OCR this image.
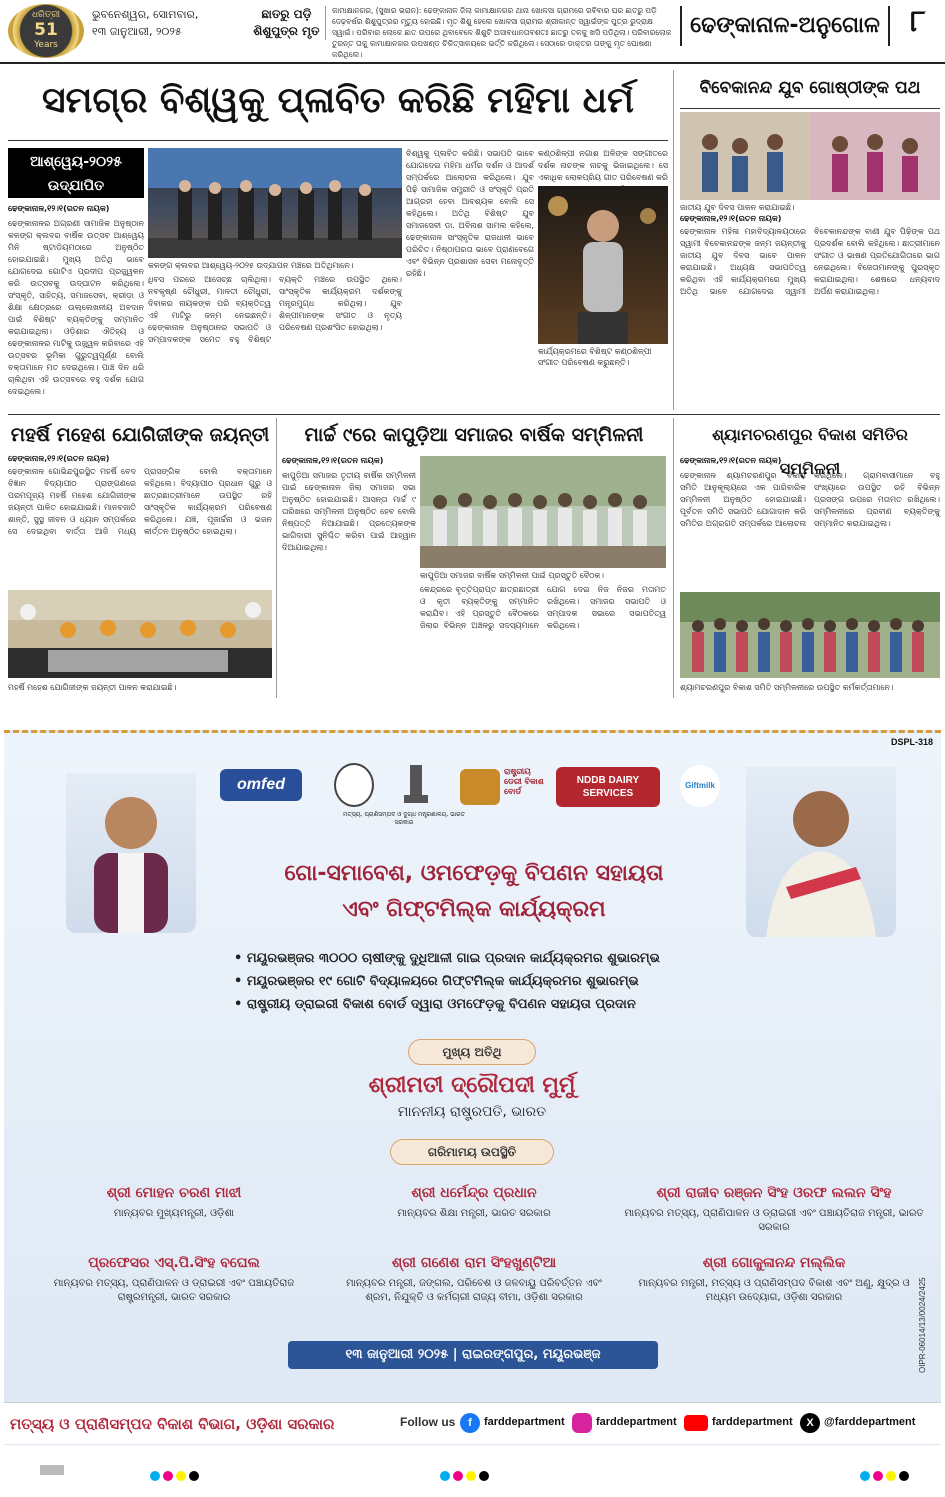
ଧରିତ୍ରୀ
51
Years
ଭୁବନେଶ୍ୱର, ସୋମବାର,
୧୩ ଜାନୁଆରୀ, ୨୦୨୫
ଛାତରୁ ପଡ଼ି
ଶିଶୁପୁତ୍ର ମୃତ
କାମାକ୍ଷାନଗର, (ସୁଖାର ଭରାନ): ଢେଙ୍କାନାଳ ଜିଲା କାମାକ୍ଷାନଗର ଥାନା ଖୋଳସା ଗ୍ରାମରେ ରବିବାର ଘର ଛାତରୁ ପଡ଼ି ଦେଢ଼ବର୍ଷର ଶିଶୁପୁତ୍ରର ମୃତ୍ୟୁ ହୋଇଛି। ମୃତ ଶିଶୁ ହେଲେ ଖୋଳସା ଗ୍ରାମର ଶ୍ରୀକାନ୍ତ ସ୍ୱାଇଁଙ୍କ ପୁତ୍ର ରୁଦ୍ରାକ୍ଷ ସ୍ୱାଇଁ। ପରିବାର ଲୋକେ ଛାତ ଉପରେ ଥିବାବେଳେ ଶିଶୁଟି ଅସାବଧାନତାବଶତଃ ଛାତରୁ ତଳକୁ ଖସି ପଡ଼ିଥିଲା। ପରିବାରଲୋକ ତୁରନ୍ତ ତାକୁ କାମାକ୍ଷାନଗର ଉପଖଣ୍ଡ ଚିକିତ୍ସାଳୟରେ ଭର୍ତ୍ତି କରିଥିଲେ। ସେଠାରେ ଡାକ୍ତର ତାଙ୍କୁ ମୃତ ଘୋଷଣା କରିଥିଲେ।
ଢେଙ୍କାନାଳ-ଅନୁଗୋଳ	୮
ସମଗ୍ର ବିଶ୍ୱକୁ ପ୍ଳାବିତ କରିଛି ମହିମା ଧର୍ମ
ଆଶ୍ୱେୟ-୨୦୨୫
ଉଦ୍‌ଯାପିତ
ଢେଙ୍କାନାଳ,୧୨।୧(ରତନ ନାୟକ)
ଢେଙ୍କାନାଳର ଅଗ୍ରଣୀ ସାମାଜିକ ଅନୁଷ୍ଠାନ କଳଙ୍ଗ କ୍ଲବର ବାର୍ଷିକ ଉତ୍ସବ ଆଶ୍ୱେୟ ମିନି ଷ୍ଟାଡିୟମଠାରେ ଅନୁଷ୍ଠିତ ହୋଇଯାଇଛି। ମୁଖ୍ୟ ଅତିଥି ଭାବେ ଯୋଗଦେଇ ଗୋଟିଏ ପ୍ରଦୀପ ପ୍ରଜ୍ଜ୍ୱଳନ କରି ଉତ୍ସବକୁ ଉଦ୍‌ଘାଟନ କରିଥିଲେ। ସଂସ୍କୃତି, ସାହିତ୍ୟ, ସମାଜସେବା, କ୍ରୀଡ଼ା ଓ ଶିକ୍ଷା କ୍ଷେତ୍ରରେ ଉଲ୍ଲେଖନୀୟ ଅବଦାନ ପାଇଁ ବିଶିଷ୍ଟ ବ୍ୟକ୍ତିଙ୍କୁ ସମ୍ମାନିତ କରାଯାଇଥିଲା। ଓଡ଼ିଶାର ଐତିହ୍ୟ ଓ ଢେଙ୍କାନାଳର ମାଟିକୁ ଉଜ୍ଜ୍ୱଳ କରିବାରେ ଏହି ଉତ୍ସବର ଭୂମିକା ଗୁରୁତ୍ୱପୂର୍ଣ୍ଣ ବୋଲି ବକ୍ତାମାନେ ମତ ଦେଇଥିଲେ। ପାଞ୍ଚ ଦିନ ଧରି ଚାଲିଥିବା ଏହି ଉତ୍ସବରେ ବହୁ ଦର୍ଶକ ଯୋଗ ଦେଇଥିଲେ।
କଳଙ୍ଗ କ୍ଲବର ଆଶ୍ୱେୟ-୨୦୨୫ ଉଦ୍‌ଯାପନ ମଞ୍ଚରେ ଅତିଥିମାନେ।
ଧିବସ ପରରେ ଆସେଚ୍ଛ ଚାଲିଥିଲା। ନବକୃଷ୍ଣ ଚୌଧୁରୀ, ମାଳତୀ ଚୌଧୁରୀ, ଦିବାକର ନାୟକଙ୍କ ପରି ବ୍ୟକ୍ତିତ୍ୱ ଏହି ମାଟିରୁ ଜନ୍ମ ନେଇଛନ୍ତି। ଢେଙ୍କାନାଳ ଅନୁଷ୍ଠାନର ସଭାପତି ଓ ସମ୍ପାଦକଙ୍କ ସମେତ ବହୁ ବିଶିଷ୍ଟ ବ୍ୟକ୍ତି ମଞ୍ଚରେ ଉପସ୍ଥିତ ଥିଲେ। ସାଂସ୍କୃତିକ କାର୍ଯ୍ୟକ୍ରମ ଦର୍ଶକଙ୍କୁ ମନ୍ତ୍ରମୁଗ୍ଧ କରିଥିଲା। ଯୁବ ଶିଳ୍ପୀମାନଙ୍କ ସଂଗୀତ ଓ ନୃତ୍ୟ ପରିବେଷଣ ପ୍ରଶଂସିତ ହୋଇଥିଲା।
ବିଶ୍ୱକୁ ପ୍ଳାବିତ କରିଛି। ସଭାପତି ଭାବେ ଯୋଗଦେଇ ମହିମା ଧର୍ମର ଦର୍ଶନ ଓ ଆଦର୍ଶ ସମ୍ପର୍କରେ ଆଲୋଚନା କରିଥିଲେ। ଯୁବ ପିଢ଼ି ସାମାଜିକ ସମ୍ପ୍ରୀତି ଓ ସଂସ୍କୃତି ପ୍ରତି ଆଗ୍ରହୀ ହେବା ଆବଶ୍ୟକ ବୋଲି ସେ କହିଥିଲେ। ଅତିଥି ବିଶିଷ୍ଟ ଯୁବ ସମାଜସେବୀ ଡା. ଅବିନାଶ ସାମଲ କହିଲେ, ଢେଙ୍କାନାଳ ସାଂସ୍କୃତିକ ରାଜଧାନୀ ଭାବେ ପରିଚିତ। ନିଷ୍ଠାପରତା ଭାବେ ପ୍ରାଣବେଗେ ଏବଂ ବିଭିନ୍ନ ପ୍ରଶାସନ ସେବା ମନୋବୃତ୍ତି ରହିଛି।
କଣ୍ଠଶିଳ୍ପୀ ନଗାଶ ଅଳିଙ୍କ ସଙ୍ଗୀତରେ ଦର୍ଶକ ନାଚଙ୍କ ନାଚକୁ ଭିଜାଇଥିଲେ। ସେ ଏକାଧିକ ଲୋକପ୍ରିୟ ଗୀତ ପରିବେଷଣ କରି
କାର୍ଯ୍ୟକ୍ରମରେ ବିଶିଷ୍ଟ କଣ୍ଠଶିଳ୍ପୀ ସଂଗୀତ ପରିବେଷଣ କରୁଛନ୍ତି।
ବିବେକାନନ୍ଦ ଯୁବ ଗୋଷ୍ଠୀଙ୍କ ପଥ
ଜାତୀୟ ଯୁବ ଦିବସ ପାଳନ କରାଯାଇଛି।
ଢେଙ୍କାନାଳ,୧୨।୧(ରତନ ନାୟକ)
ଢେଙ୍କାନାଳ ମହିଳା ମହାବିଦ୍ୟାଳୟଠାରେ ସ୍ୱାମୀ ବିବେକାନନ୍ଦଙ୍କ ଜନ୍ମ ଜୟନ୍ତୀକୁ ଜାତୀୟ ଯୁବ ଦିବସ ଭାବେ ପାଳନ କରାଯାଇଛି। ଅଧ୍ୟକ୍ଷ ସଭାପତିତ୍ୱ କରିଥିବା ଏହି କାର୍ଯ୍ୟକ୍ରମରେ ମୁଖ୍ୟ ଅତିଥି ଭାବେ ଯୋଗଦେଇ ସ୍ୱାମୀ ବିବେକାନନ୍ଦଙ୍କ ବାଣୀ ଯୁବ ପିଢ଼ିଙ୍କ ପଥ ପ୍ରଦର୍ଶକ ବୋଲି କହିଥିଲେ। ଛାତ୍ରୀମାନେ ସଂଗୀତ ଓ ଭାଷଣ ପ୍ରତିଯୋଗିତାରେ ଭାଗ ନେଇଥିଲେ। ବିଜେତାମାନଙ୍କୁ ପୁରସ୍କୃତ କରାଯାଇଥିଲା। ଶେଷରେ ଧନ୍ୟବାଦ ଅର୍ପଣ କରାଯାଇଥିଲା।
ମହର୍ଷି ମହେଶ ଯୋଗିଜୀଙ୍କ ଜୟନ୍ତୀ
ଢେଙ୍କାନାଳ,୧୨।୧(ରତନ ନାୟକ)
ଢେଙ୍କାନାଳ ଗୋଭିନ୍ଦପୁରସ୍ଥିତ ମହର୍ଷି ବେଦ ବିଜ୍ଞାନ ବିଦ୍ୟାପୀଠ ପ୍ରାଙ୍ଗଣରେ ପରମପୂଜ୍ୟ ମହର୍ଷି ମହେଶ ଯୋଗିଜୀଙ୍କ ଜୟନ୍ତୀ ପାଳିତ ହୋଇଯାଇଛି। ମାନବଜାତି ଶାନ୍ତି, ସୁସ୍ଥ ଜୀବନ ଓ ଧ୍ୟାନ ସମ୍ପର୍କରେ ସେ ଦେଇଥିବା ବାର୍ତ୍ତା ଆଜି ମଧ୍ୟ ପ୍ରାସଙ୍ଗିକ ବୋଲି ବକ୍ତାମାନେ କହିଥିଲେ। ବିଦ୍ୟାପୀଠ ପ୍ରଧାନ ଗୁରୁ ଓ ଛାତ୍ରଛାତ୍ରୀମାନେ ଉପସ୍ଥିତ ରହି ସାଂସ୍କୃତିକ କାର୍ଯ୍ୟକ୍ରମ ପରିବେଷଣ କରିଥିଲେ। ଯଜ୍ଞ, ପୂଜାର୍ଚ୍ଚନା ଓ ଭଜନ କୀର୍ତ୍ତନ ଅନୁଷ୍ଠିତ ହୋଇଥିଲା।
ମହର୍ଷି ମହେଶ ଯୋଗିଜୀଙ୍କ ଜୟନ୍ତୀ ପାଳନ କରାଯାଇଛି।
ମାର୍ଚ୍ଚ ୯ରେ କାପୁଡ଼ିଆ ସମାଜର ବାର୍ଷିକ ସମ୍ମିଳନୀ
ଢେଙ୍କାନାଳ,୧୨।୧(ରତନ ନାୟକ)
କାପୁଡ଼ିଆ ସମାଜର ତୃତୀୟ ବାର୍ଷିକ ସମ୍ମିଳନୀ ପାଇଁ ଢେଙ୍କାନାଳ ଜିଲା ସମାଜର ସଭା ଅନୁଷ୍ଠିତ ହୋଇଯାଇଛି। ଆସନ୍ତା ମାର୍ଚ୍ଚ ୯ ତାରିଖରେ ସମ୍ମିଳନୀ ଅନୁଷ୍ଠିତ ହେବ ବୋଲି ନିଷ୍ପତ୍ତି ନିଆଯାଇଛି। ପ୍ରତ୍ୟେକଙ୍କ ଭାଗିଦାରୀ ସୁନିଶ୍ଚିତ କରିବା ପାଇଁ ଆହ୍ୱାନ ଦିଆଯାଇଥିଲା।
କାପୁଡ଼ିଆ ସମାଜର ବାର୍ଷିକ ସମ୍ମିଳନୀ ପାଇଁ ପ୍ରସ୍ତୁତି ବୈଠକ।
କେନ୍ଦ୍ରରେ ବୃତ୍ତିପ୍ରାପ୍ତ ଛାତ୍ରଛାତ୍ରୀ ଓ କୃତୀ ବ୍ୟକ୍ତିଙ୍କୁ ସମ୍ମାନିତ କରାଯିବ। ଏହି ପ୍ରସ୍ତୁତି ବୈଠକରେ ଜିଲାର ବିଭିନ୍ନ ଅଞ୍ଚଳରୁ ସଦସ୍ୟମାନେ ଯୋଗ ଦେଇ ନିଜ ନିଜର ମତାମତ ରଖିଥିଲେ। ସମାଜର ସଭାପତି ଓ ସମ୍ପାଦକ ସଭାରେ ସଭାପତିତ୍ୱ କରିଥିଲେ।
ଶ୍ୟାମଚରଣପୁର ବିକାଶ ସମିତିର ସମ୍ମିଳନୀ
ଢେଙ୍କାନାଳ,୧୨।୧(ରତନ ନାୟକ)
ଢେଙ୍କାନାଳ ଶ୍ୟାମଚରଣପୁର ବିକାଶ ସମିତି ଆନୁକୂଲ୍ୟରେ ଏକ ପାରିବାରିକ ସମ୍ମିଳନୀ ଅନୁଷ୍ଠିତ ହୋଇଯାଇଛି। ପୂର୍ବତନ ସମିତି ସଭାପତି ଯୋଗାଦାନ କରି ସମିତିର ଅଗ୍ରଗତି ସମ୍ପର୍କରେ ଆଲୋଚନା କରିଥିଲେ। ଗ୍ରାମବାସୀମାନେ ବହୁ ସଂଖ୍ୟାରେ ଉପସ୍ଥିତ ରହି ବିଭିନ୍ନ ପ୍ରସଙ୍ଗ ଉପରେ ମତାମତ ରଖିଥିଲେ। ସମ୍ମିଳନୀରେ ପ୍ରବୀଣ ବ୍ୟକ୍ତିଙ୍କୁ ସମ୍ମାନିତ କରାଯାଇଥିଲା।
ଶ୍ୟାମଚରଣପୁର ବିକାଶ ସମିତି ସମ୍ମିଳନୀରେ ଉପସ୍ଥିତ କର୍ମକର୍ତ୍ତାମାନେ।
DSPL-318
omfed
ମତ୍ସ୍ୟ, ପ୍ରାଣିସମ୍ପଦ ଓ ଦୁଗ୍ଧ ମନ୍ତ୍ରଣାଳୟ, ଭାରତ ସରକାର
ରାଷ୍ଟ୍ରୀୟ ଡେରୀ ବିକାଶ ବୋର୍ଡ
NDDB DAIRY SERVICES
Giftmilk
ଗୋ-ସମାବେଶ, ଓମଫେଡ଼କୁ ବିପଣନ ସହାୟତା
ଏବଂ ଗିଫ୍ଟମିଲ୍କ କାର୍ଯ୍ୟକ୍ରମ
• ମୟୂରଭଞ୍ଜର ୩୦୦୦ ଚାଷୀଙ୍କୁ ଦୁଧିଆଳୀ ଗାଇ ପ୍ରଦାନ କାର୍ଯ୍ୟକ୍ରମର ଶୁଭାରମ୍ଭ
• ମୟୂରଭଞ୍ଜର ୧୯ ଗୋଟି ବିଦ୍ୟାଳୟରେ ଗିଫ୍ଟମିଲ୍କ କାର୍ଯ୍ୟକ୍ରମର ଶୁଭାରମ୍ଭ
• ରାଷ୍ଟ୍ରୀୟ ଡ୍ରାଇରୀ ବିକାଶ ବୋର୍ଡ ଦ୍ୱାରା ଓମଫେଡ଼କୁ ବିପଣନ ସହାୟତା ପ୍ରଦାନ
ମୁଖ୍ୟ ଅତିଥି
ଶ୍ରୀମତୀ ଦ୍ରୌପଦୀ ମୁର୍ମୁ
ମାନନୀୟ ରାଷ୍ଟ୍ରପତି, ଭାରତ
ଗରିମାମୟ ଉପସ୍ଥିତି
ଶ୍ରୀ ମୋହନ ଚରଣ ମାଝୀ
ମାନ୍ୟବର ମୁଖ୍ୟମନ୍ତ୍ରୀ, ଓଡ଼ିଶା
ଶ୍ରୀ ଧର୍ମେନ୍ଦ୍ର ପ୍ରଧାନ
ମାନ୍ୟବର ଶିକ୍ଷା ମନ୍ତ୍ରୀ, ଭାରତ ସରକାର
ଶ୍ରୀ ରାଜୀବ ରଞ୍ଜନ ସିଂହ ଓରଫ ଲଲନ ସିଂହ
ମାନ୍ୟବର ମତ୍ସ୍ୟ, ପ୍ରାଣିପାଳନ ଓ ଡ୍ରାଇରୀ ଏବଂ ପଞ୍ଚାୟତିରାଜ ମନ୍ତ୍ରୀ, ଭାରତ ସରକାର
ପ୍ରଫେସର ଏସ୍.ପି.ସିଂହ ବଘେଲ
ମାନ୍ୟବର ମତ୍ସ୍ୟ, ପ୍ରାଣିପାଳନ ଓ ଡ୍ରାଇରୀ ଏବଂ ପଞ୍ଚାୟତିରାଜ ରାଷ୍ଟ୍ରମନ୍ତ୍ରୀ, ଭାରତ ସରକାର
ଶ୍ରୀ ଗଣେଶ ରାମ ସିଂହଖୁଣ୍ଟିଆ
ମାନ୍ୟବର ମନ୍ତ୍ରୀ, ଜଙ୍ଗଲ, ପରିବେଶ ଓ ଜଳବାୟୁ ପରିବର୍ତ୍ତନ ଏବଂ ଶ୍ରମ, ନିଯୁକ୍ତି ଓ କର୍ମଚାରୀ ରାଜ୍ୟ ବୀମା, ଓଡ଼ିଶା ସରକାର
ଶ୍ରୀ ଗୋକୁଳାନନ୍ଦ ମଲ୍ଲିକ
ମାନ୍ୟବର ମନ୍ତ୍ରୀ, ମତ୍ସ୍ୟ ଓ ପ୍ରାଣିସମ୍ପଦ ବିକାଶ ଏବଂ ଅଣୁ, କ୍ଷୁଦ୍ର ଓ ମଧ୍ୟମ ଉଦ୍ୟୋଗ, ଓଡ଼ିଶା ସରକାର
୧୩ ଜାନୁଆରୀ ୨୦୨୫ | ରାଇରଙ୍ଗପୁର, ମୟୂରଭଞ୍ଜ	OIPR-06014/13/0024/2425
ମତ୍ସ୍ୟ ଓ ପ୍ରାଣିସମ୍ପଦ ବିକାଶ ବିଭାଗ, ଓଡ଼ିଶା ସରକାର	Follow us	f	farddepartment	farddepartment	farddepartment	X @farddepartment
